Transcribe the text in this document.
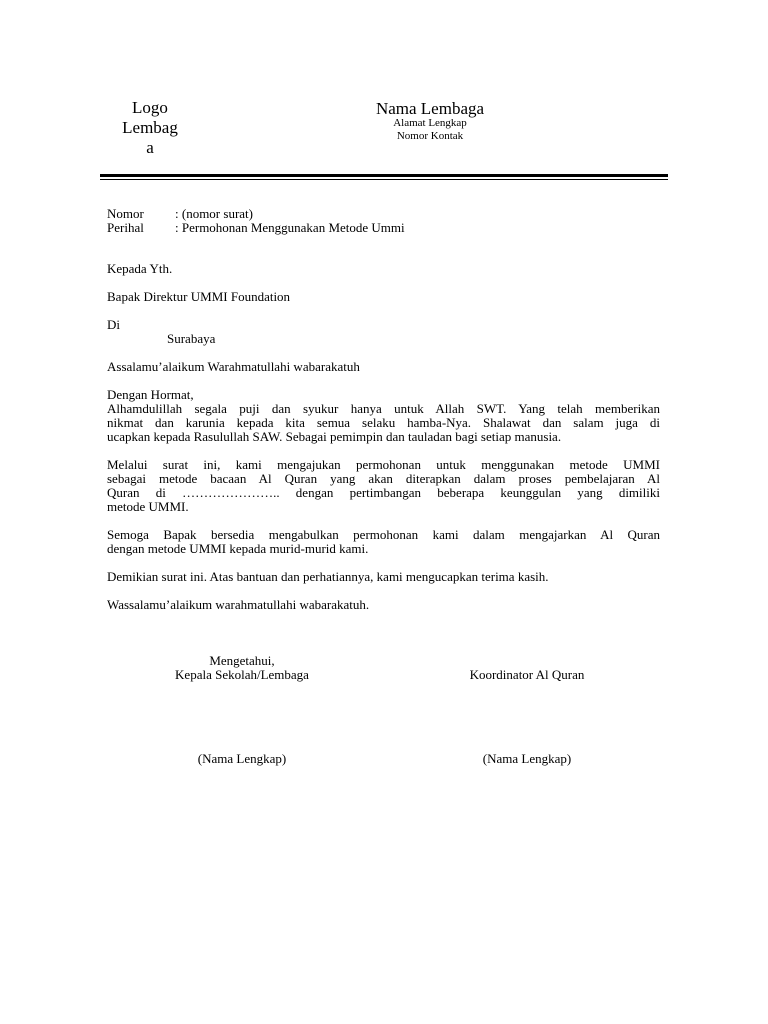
Logo
Lembag
a
Nama Lembaga
Alamat Lengkap
Nomor Kontak
Nomor : (nomor surat)
Perihal : Permohonan Menggunakan Metode Ummi
Kepada Yth.
Bapak Direktur UMMI Foundation
Di
Surabaya
Assalamu’alaikum Warahmatullahi wabarakatuh
Dengan Hormat,
Alhamdulillah segala puji dan syukur hanya untuk Allah SWT. Yang telah memberikan
nikmat dan karunia kepada kita semua selaku hamba-Nya. Shalawat dan salam juga di
ucapkan kepada Rasulullah SAW. Sebagai pemimpin dan tauladan bagi setiap manusia.
Melalui surat ini, kami mengajukan permohonan untuk menggunakan metode UMMI
sebagai metode bacaan Al Quran yang akan diterapkan dalam proses pembelajaran Al
Quran di ………………….. dengan pertimbangan beberapa keunggulan yang dimiliki
metode UMMI.
Semoga Bapak bersedia mengabulkan permohonan kami dalam mengajarkan Al Quran
dengan metode UMMI kepada murid-murid kami.
Demikian surat ini. Atas bantuan dan perhatiannya, kami mengucapkan terima kasih.
Wassalamu’alaikum warahmatullahi wabarakatuh.
Mengetahui,
Kepala Sekolah/Lembaga
(Nama Lengkap)
Koordinator Al Quran
(Nama Lengkap)
